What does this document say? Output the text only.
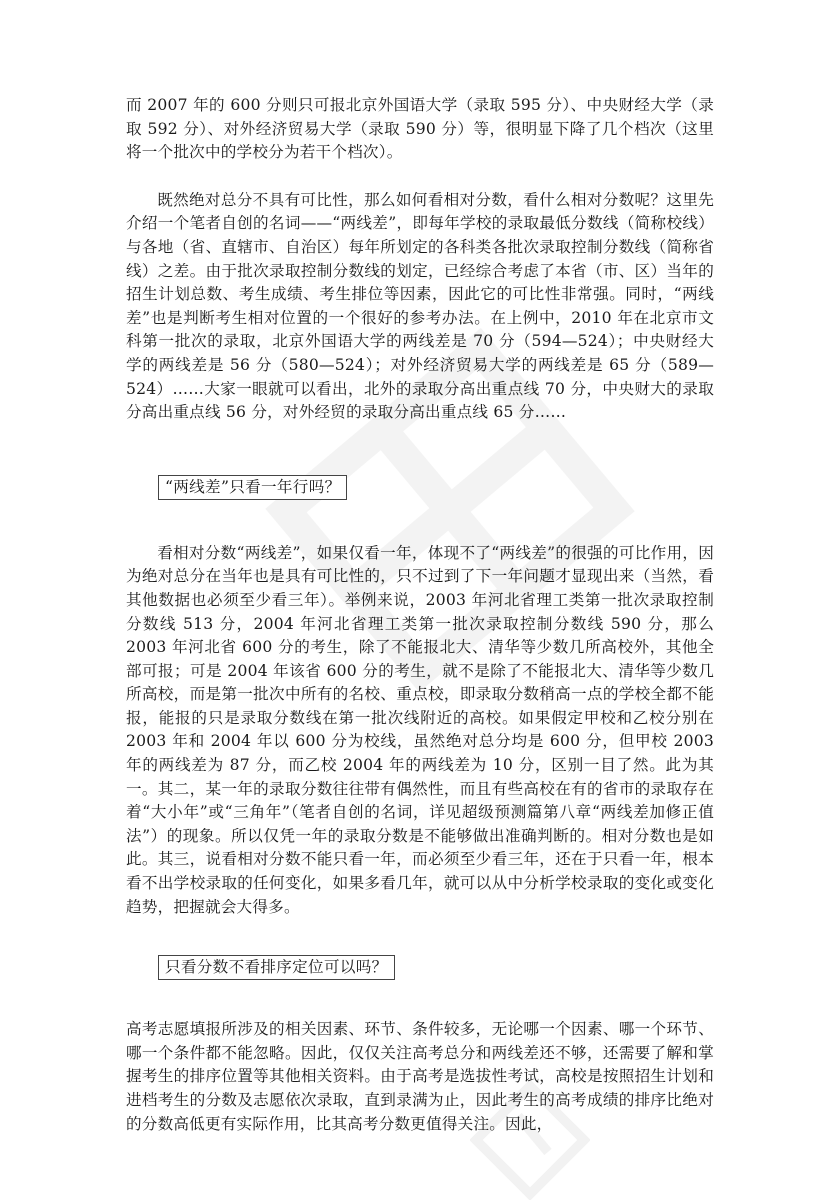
而 2007 年的 600 分则只可报北京外国语大学（录取 595 分）、中央财经大学（录取 592 分）、对外经济贸易大学（录取 590 分）等，很明显下降了几个档次（这里将一个批次中的学校分为若干个档次）。

既然绝对总分不具有可比性，那么如何看相对分数，看什么相对分数呢？这里先介绍一个笔者自创的名词——“两线差”，即每年学校的录取最低分数线（简称校线）与各地（省、直辖市、自治区）每年所划定的各科类各批次录取控制分数线（简称省线）之差。由于批次录取控制分数线的划定，已经综合考虑了本省（市、区）当年的招生计划总数、考生成绩、考生排位等因素，因此它的可比性非常强。同时，“两线差”也是判断考生相对位置的一个很好的参考办法。在上例中，2010 年在北京市文科第一批次的录取，北京外国语大学的两线差是 70 分（594—524）；中央财经大学的两线差是 56 分（580—524）；对外经济贸易大学的两线差是 65 分（589—524）……大家一眼就可以看出，北外的录取分高出重点线 70 分，中央财大的录取分高出重点线 56 分，对外经贸的录取分高出重点线 65 分……

“两线差”只看一年行吗？

看相对分数“两线差”，如果仅看一年，体现不了“两线差”的很强的可比作用，因为绝对总分在当年也是具有可比性的，只不过到了下一年问题才显现出来（当然，看其他数据也必须至少看三年）。举例来说，2003 年河北省理工类第一批次录取控制分数线 513 分，2004 年河北省理工类第一批次录取控制分数线 590 分，那么 2003 年河北省 600 分的考生，除了不能报北大、清华等少数几所高校外，其他全部可报；可是 2004 年该省 600 分的考生，就不是除了不能报北大、清华等少数几所高校，而是第一批次中所有的名校、重点校，即录取分数稍高一点的学校全都不能报，能报的只是录取分数线在第一批次线附近的高校。如果假定甲校和乙校分别在 2003 年和 2004 年以 600 分为校线，虽然绝对总分均是 600 分，但甲校 2003 年的两线差为 87 分，而乙校 2004 年的两线差为 10 分，区别一目了然。此为其一。其二，某一年的录取分数往往带有偶然性，而且有些高校在有的省市的录取存在着“大小年”或“三角年”（笔者自创的名词，详见超级预测篇第八章“两线差加修正值法”）的现象。所以仅凭一年的录取分数是不能够做出准确判断的。相对分数也是如此。其三，说看相对分数不能只看一年，而必须至少看三年，还在于只看一年，根本看不出学校录取的任何变化，如果多看几年，就可以从中分析学校录取的变化或变化趋势，把握就会大得多。

只看分数不看排序定位可以吗？

高考志愿填报所涉及的相关因素、环节、条件较多，无论哪一个因素、哪一个环节、哪一个条件都不能忽略。因此，仅仅关注高考总分和两线差还不够，还需要了解和掌握考生的排序位置等其他相关资料。由于高考是选拔性考试，高校是按照招生计划和进档考生的分数及志愿依次录取，直到录满为止，因此考生的高考成绩的排序比绝对的分数高低更有实际作用，比其高考分数更值得关注。因此，
